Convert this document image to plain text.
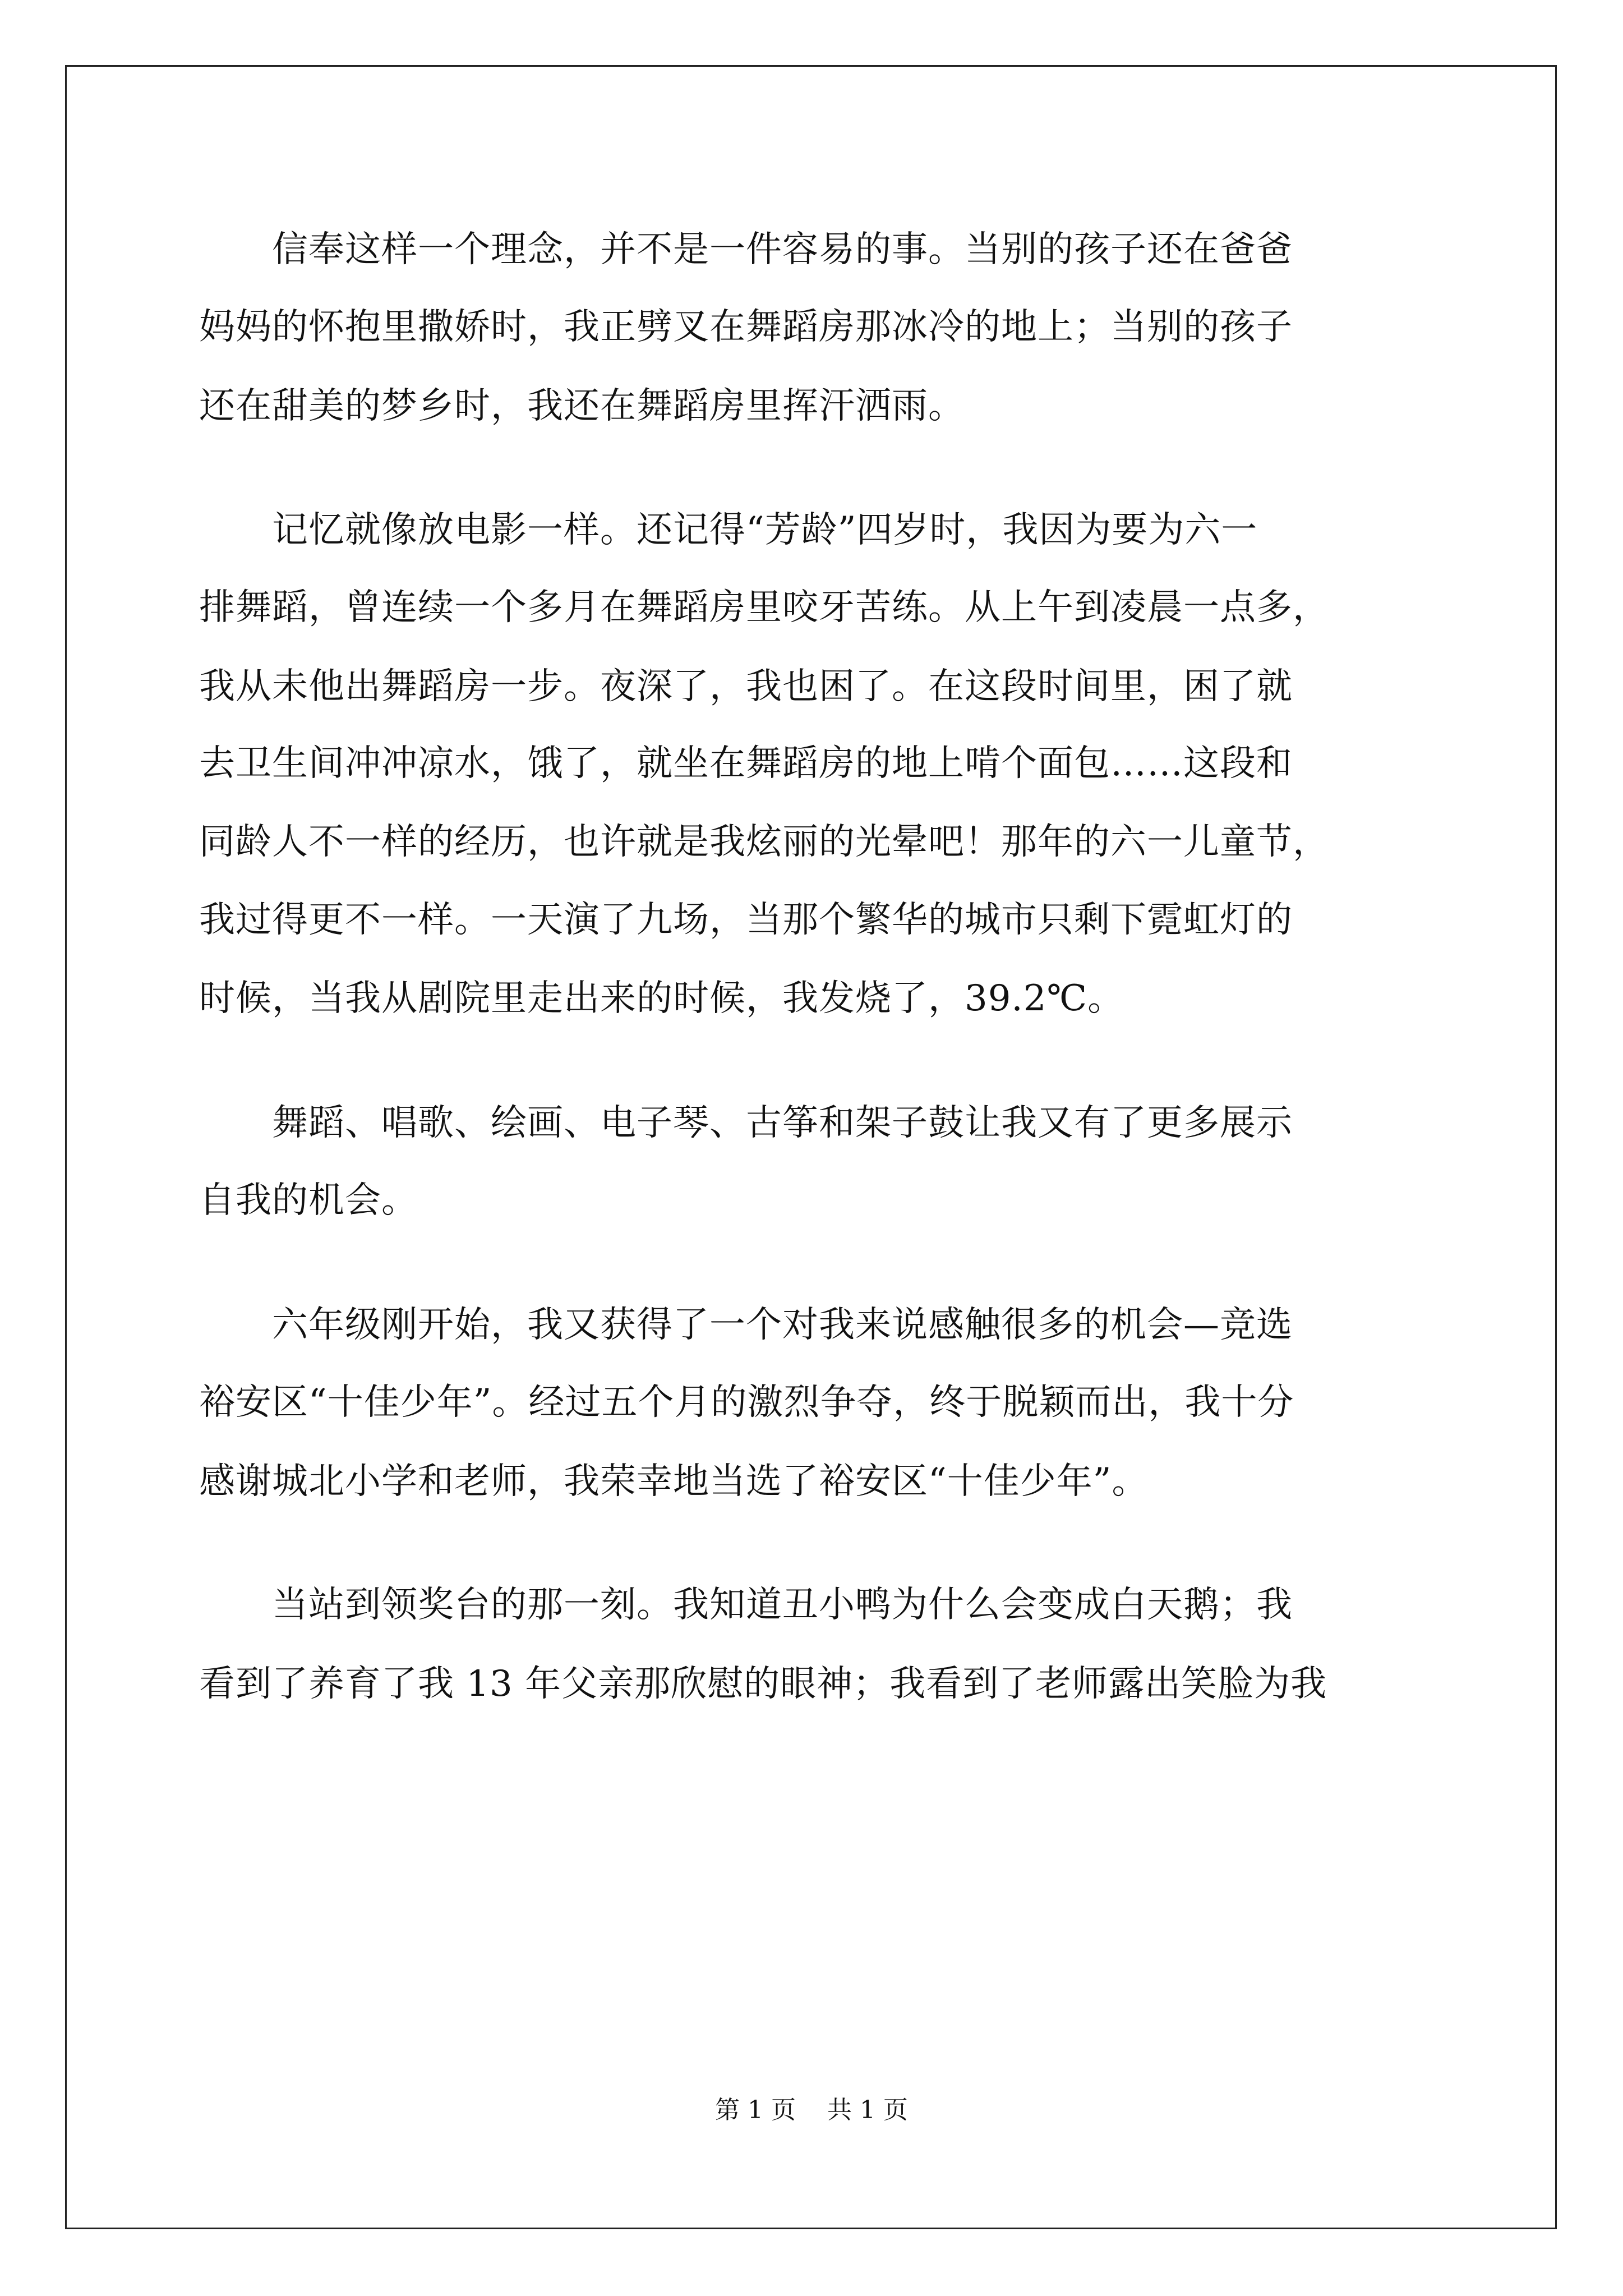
　　信奉这样一个理念，并不是一件容易的事。当别的孩子还在爸爸
妈妈的怀抱里撒娇时，我正劈叉在舞蹈房那冰冷的地上；当别的孩子
还在甜美的梦乡时，我还在舞蹈房里挥汗洒雨。
　　记忆就像放电影一样。还记得“芳龄”四岁时，我因为要为六一
排舞蹈，曾连续一个多月在舞蹈房里咬牙苦练。从上午到凌晨一点多，
我从未他出舞蹈房一步。夜深了，我也困了。在这段时间里，困了就
去卫生间冲冲凉水，饿了，就坐在舞蹈房的地上啃个面包……这段和
同龄人不一样的经历，也许就是我炫丽的光晕吧！那年的六一儿童节，
我过得更不一样。一天演了九场，当那个繁华的城市只剩下霓虹灯的
时候，当我从剧院里走出来的时候，我发烧了，39.2℃。
　　舞蹈、唱歌、绘画、电子琴、古筝和架子鼓让我又有了更多展示
自我的机会。
　　六年级刚开始，我又获得了一个对我来说感触很多的机会—竞选
裕安区“十佳少年”。经过五个月的激烈争夺，终于脱颖而出，我十分
感谢城北小学和老师，我荣幸地当选了裕安区“十佳少年”。
　　当站到领奖台的那一刻。我知道丑小鸭为什么会变成白天鹅；我
看到了养育了我 13 年父亲那欣慰的眼神；我看到了老师露出笑脸为我
第 1 页    共 1 页
